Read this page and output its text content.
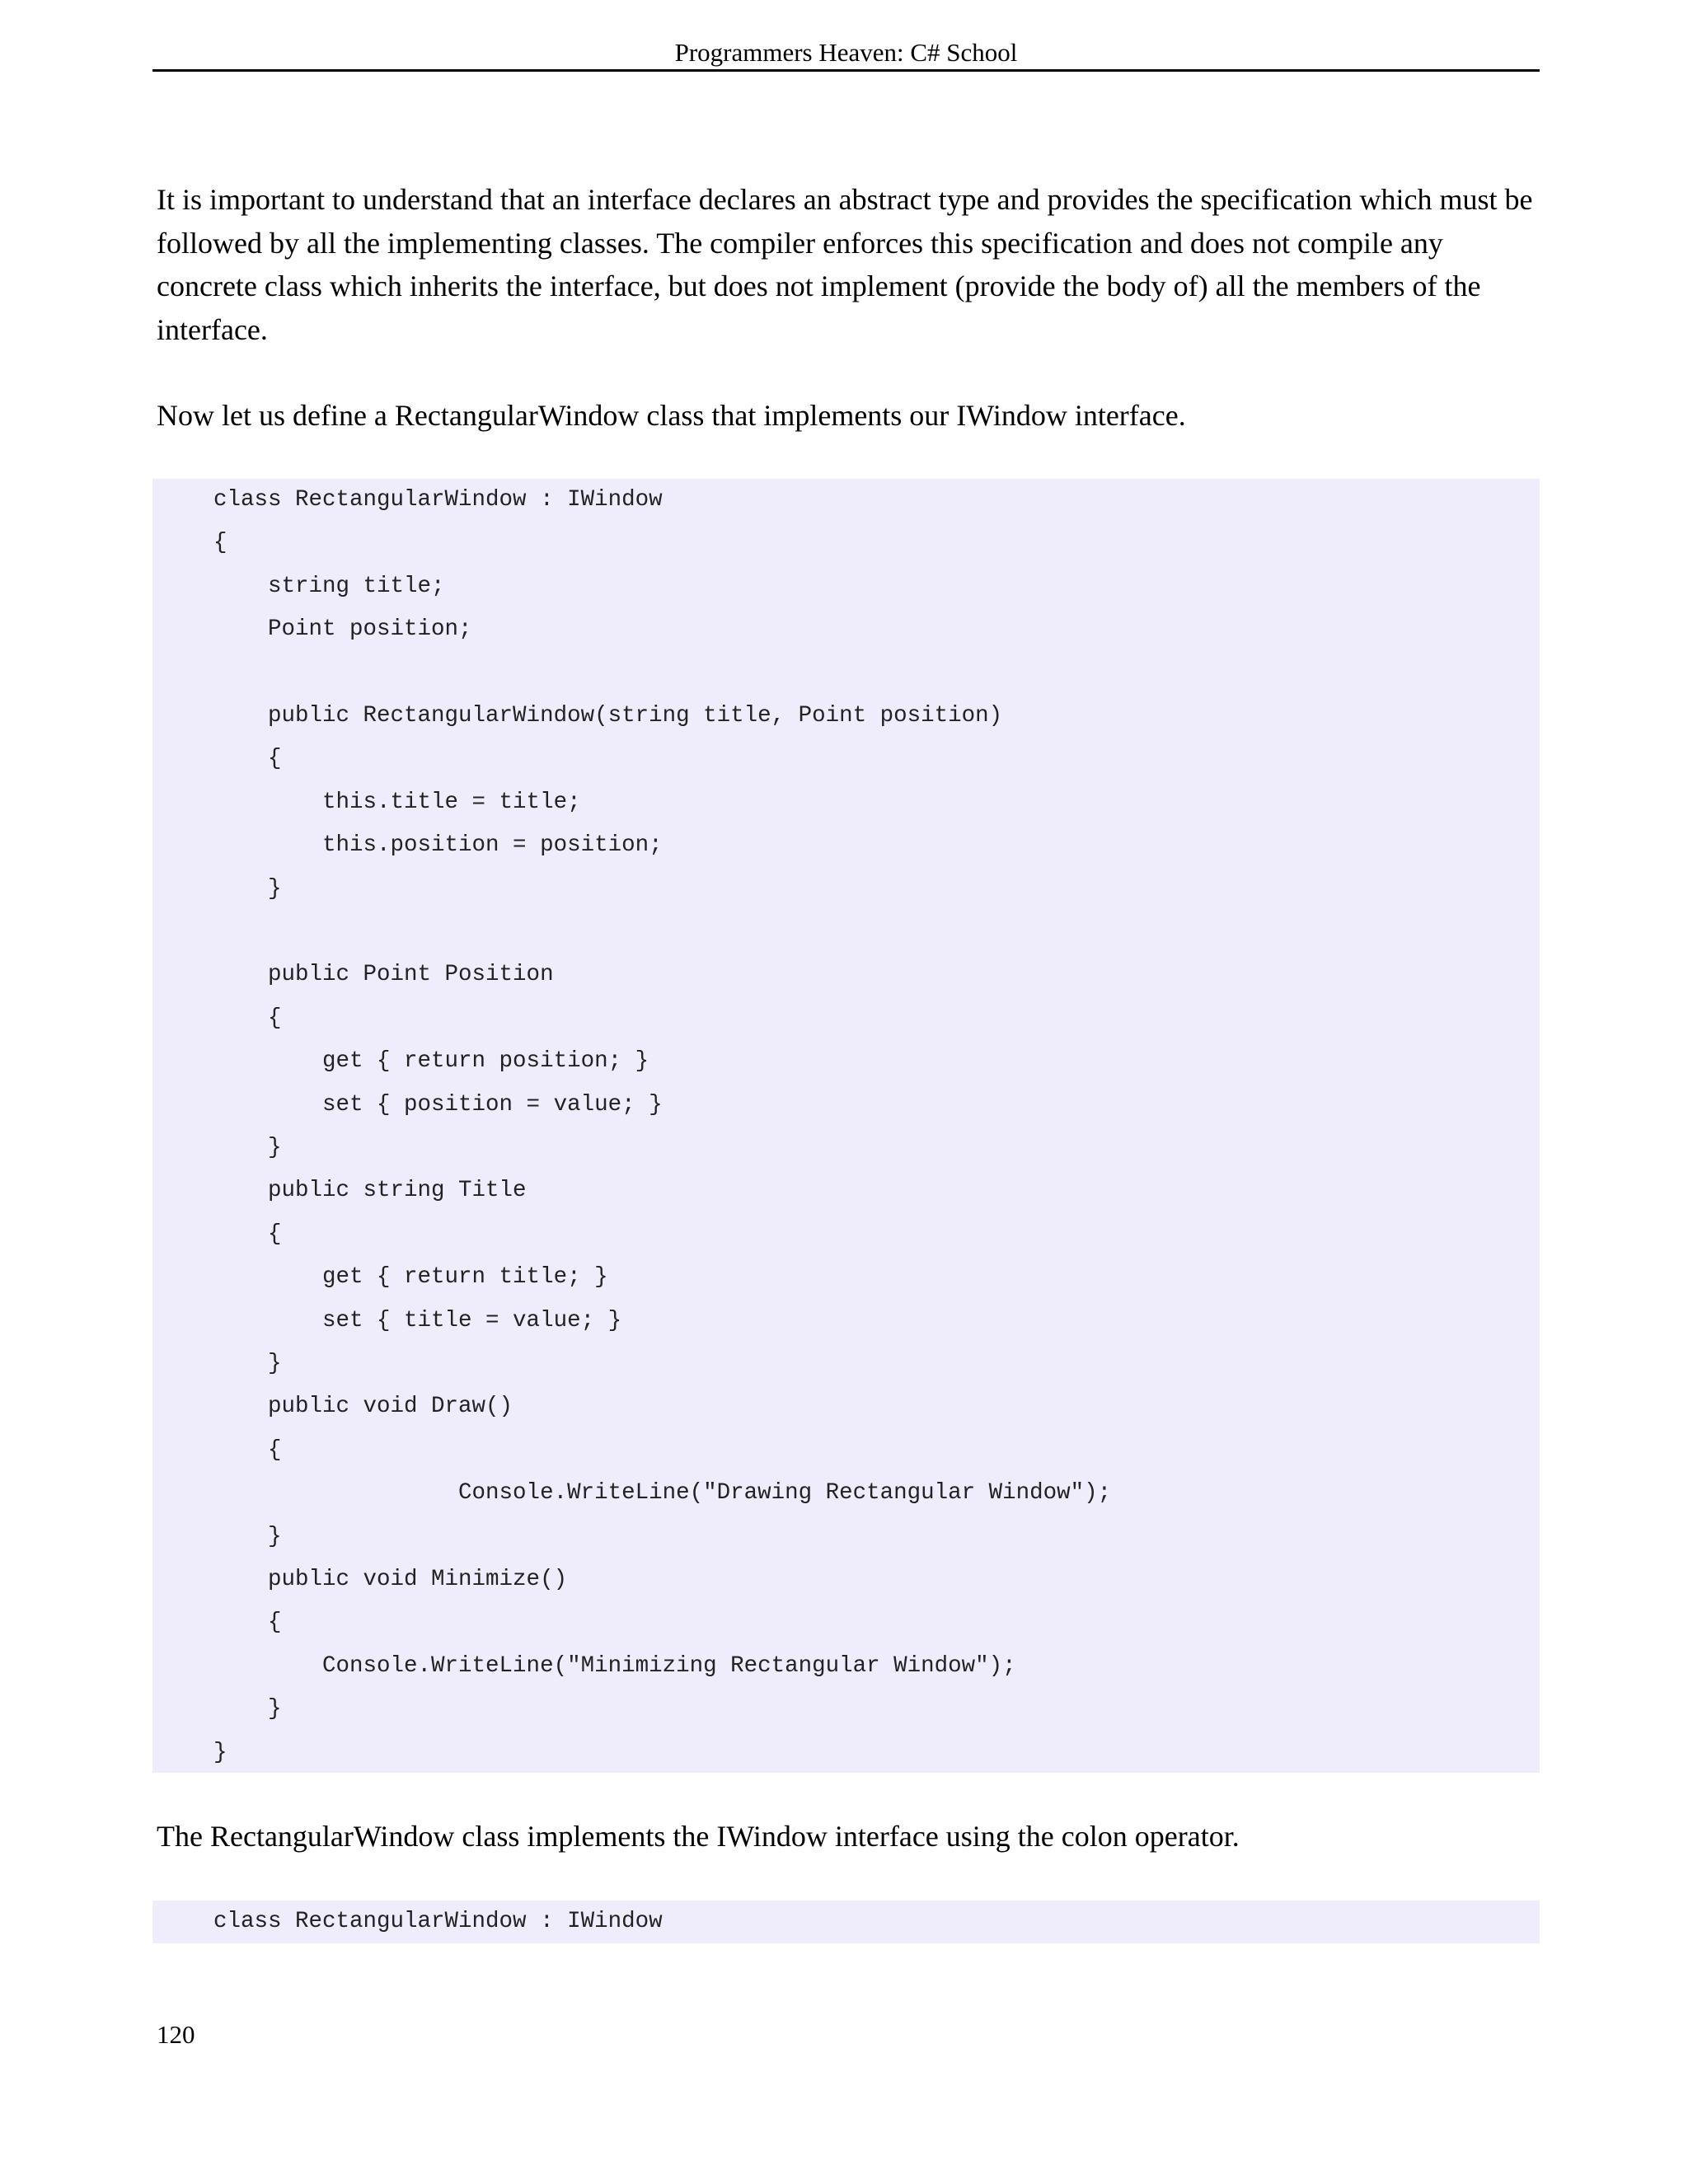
Programmers Heaven: C# School

It is important to understand that an interface declares an abstract type and provides the specification which must be followed by all the implementing classes. The compiler enforces this specification and does not compile any concrete class which inherits the interface, but does not implement (provide the body of) all the members of the interface.

Now let us define a RectangularWindow class that implements our IWindow interface.

class RectangularWindow : IWindow
{
string title;
Point position;
public RectangularWindow(string title, Point position)
{
this.title = title;
this.position = position;
}
public Point Position
{
get { return position; }
set { position = value; }
}
public string Title
{
get { return title; }
set { title = value; }
}
public void Draw()
{
Console.WriteLine("Drawing Rectangular Window");
}
public void Minimize()
{
Console.WriteLine("Minimizing Rectangular Window");
}
}

The RectangularWindow class implements the IWindow interface using the colon operator.

class RectangularWindow : IWindow
120
